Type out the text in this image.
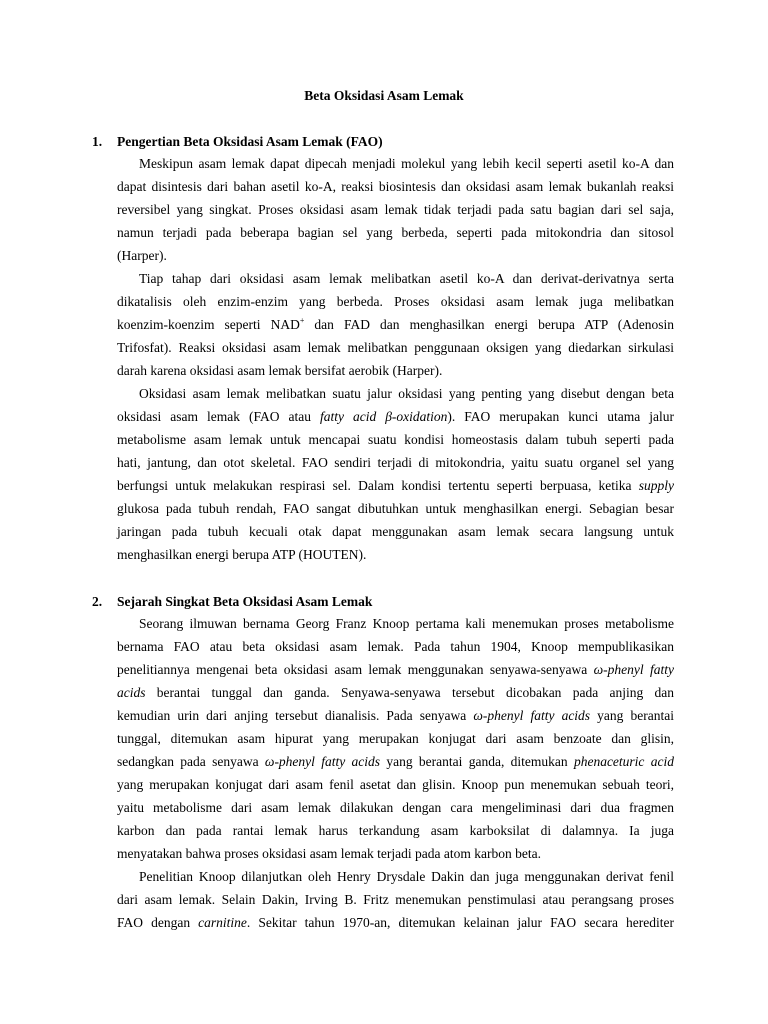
Beta Oksidasi Asam Lemak
1. Pengertian Beta Oksidasi Asam Lemak (FAO)
Meskipun asam lemak dapat dipecah menjadi molekul yang lebih kecil seperti asetil ko-A dan
dapat disintesis dari bahan asetil ko-A, reaksi biosintesis dan oksidasi asam lemak bukanlah reaksi
reversibel yang singkat. Proses oksidasi asam lemak tidak terjadi pada satu bagian dari sel saja,
namun terjadi pada beberapa bagian sel yang berbeda, seperti pada mitokondria dan sitosol
(Harper).
Tiap tahap dari oksidasi asam lemak melibatkan asetil ko-A dan derivat-derivatnya serta
dikatalisis oleh enzim-enzim yang berbeda. Proses oksidasi asam lemak juga melibatkan
koenzim-koenzim seperti NAD+ dan FAD dan menghasilkan energi berupa ATP (Adenosin
Trifosfat). Reaksi oksidasi asam lemak melibatkan penggunaan oksigen yang diedarkan sirkulasi
darah karena oksidasi asam lemak bersifat aerobik (Harper).
Oksidasi asam lemak melibatkan suatu jalur oksidasi yang penting yang disebut dengan beta
oksidasi asam lemak (FAO atau fatty acid β-oxidation). FAO merupakan kunci utama jalur
metabolisme asam lemak untuk mencapai suatu kondisi homeostasis dalam tubuh seperti pada
hati, jantung, dan otot skeletal. FAO sendiri terjadi di mitokondria, yaitu suatu organel sel yang
berfungsi untuk melakukan respirasi sel. Dalam kondisi tertentu seperti berpuasa, ketika supply
glukosa pada tubuh rendah, FAO sangat dibutuhkan untuk menghasilkan energi. Sebagian besar
jaringan pada tubuh kecuali otak dapat menggunakan asam lemak secara langsung untuk
menghasilkan energi berupa ATP (HOUTEN).
2. Sejarah Singkat Beta Oksidasi Asam Lemak
Seorang ilmuwan bernama Georg Franz Knoop pertama kali menemukan proses metabolisme
bernama FAO atau beta oksidasi asam lemak. Pada tahun 1904, Knoop mempublikasikan
penelitiannya mengenai beta oksidasi asam lemak menggunakan senyawa-senyawa ω-phenyl fatty
acids berantai tunggal dan ganda. Senyawa-senyawa tersebut dicobakan pada anjing dan
kemudian urin dari anjing tersebut dianalisis. Pada senyawa ω-phenyl fatty acids yang berantai
tunggal, ditemukan asam hipurat yang merupakan konjugat dari asam benzoate dan glisin,
sedangkan pada senyawa ω-phenyl fatty acids yang berantai ganda, ditemukan phenaceturic acid
yang merupakan konjugat dari asam fenil asetat dan glisin. Knoop pun menemukan sebuah teori,
yaitu metabolisme dari asam lemak dilakukan dengan cara mengeliminasi dari dua fragmen
karbon dan pada rantai lemak harus terkandung asam karboksilat di dalamnya. Ia juga
menyatakan bahwa proses oksidasi asam lemak terjadi pada atom karbon beta.
Penelitian Knoop dilanjutkan oleh Henry Drysdale Dakin dan juga menggunakan derivat fenil
dari asam lemak. Selain Dakin, Irving B. Fritz menemukan penstimulasi atau perangsang proses
FAO dengan carnitine. Sekitar tahun 1970-an, ditemukan kelainan jalur FAO secara herediter
